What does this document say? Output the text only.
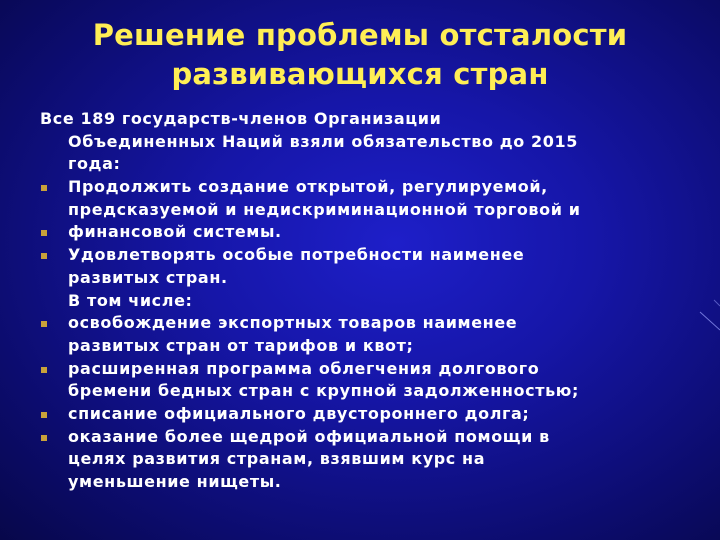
Решение проблемы отсталости
развивающихся стран
Все 189 государств-членов Организации
Объединенных Наций взяли обязательство до 2015
года:
Продолжить создание открытой, регулируемой,
предсказуемой и недискриминационной торговой и
финансовой системы.
Удовлетворять особые потребности наименее
развитых стран.
В том числе:
освобождение экспортных товаров наименее
развитых стран от тарифов и квот;
расширенная программа облегчения долгового
бремени бедных стран с крупной задолженностью;
списание официального двустороннего долга;
оказание более щедрой официальной помощи в
целях развития странам, взявшим курс на
уменьшение нищеты.
